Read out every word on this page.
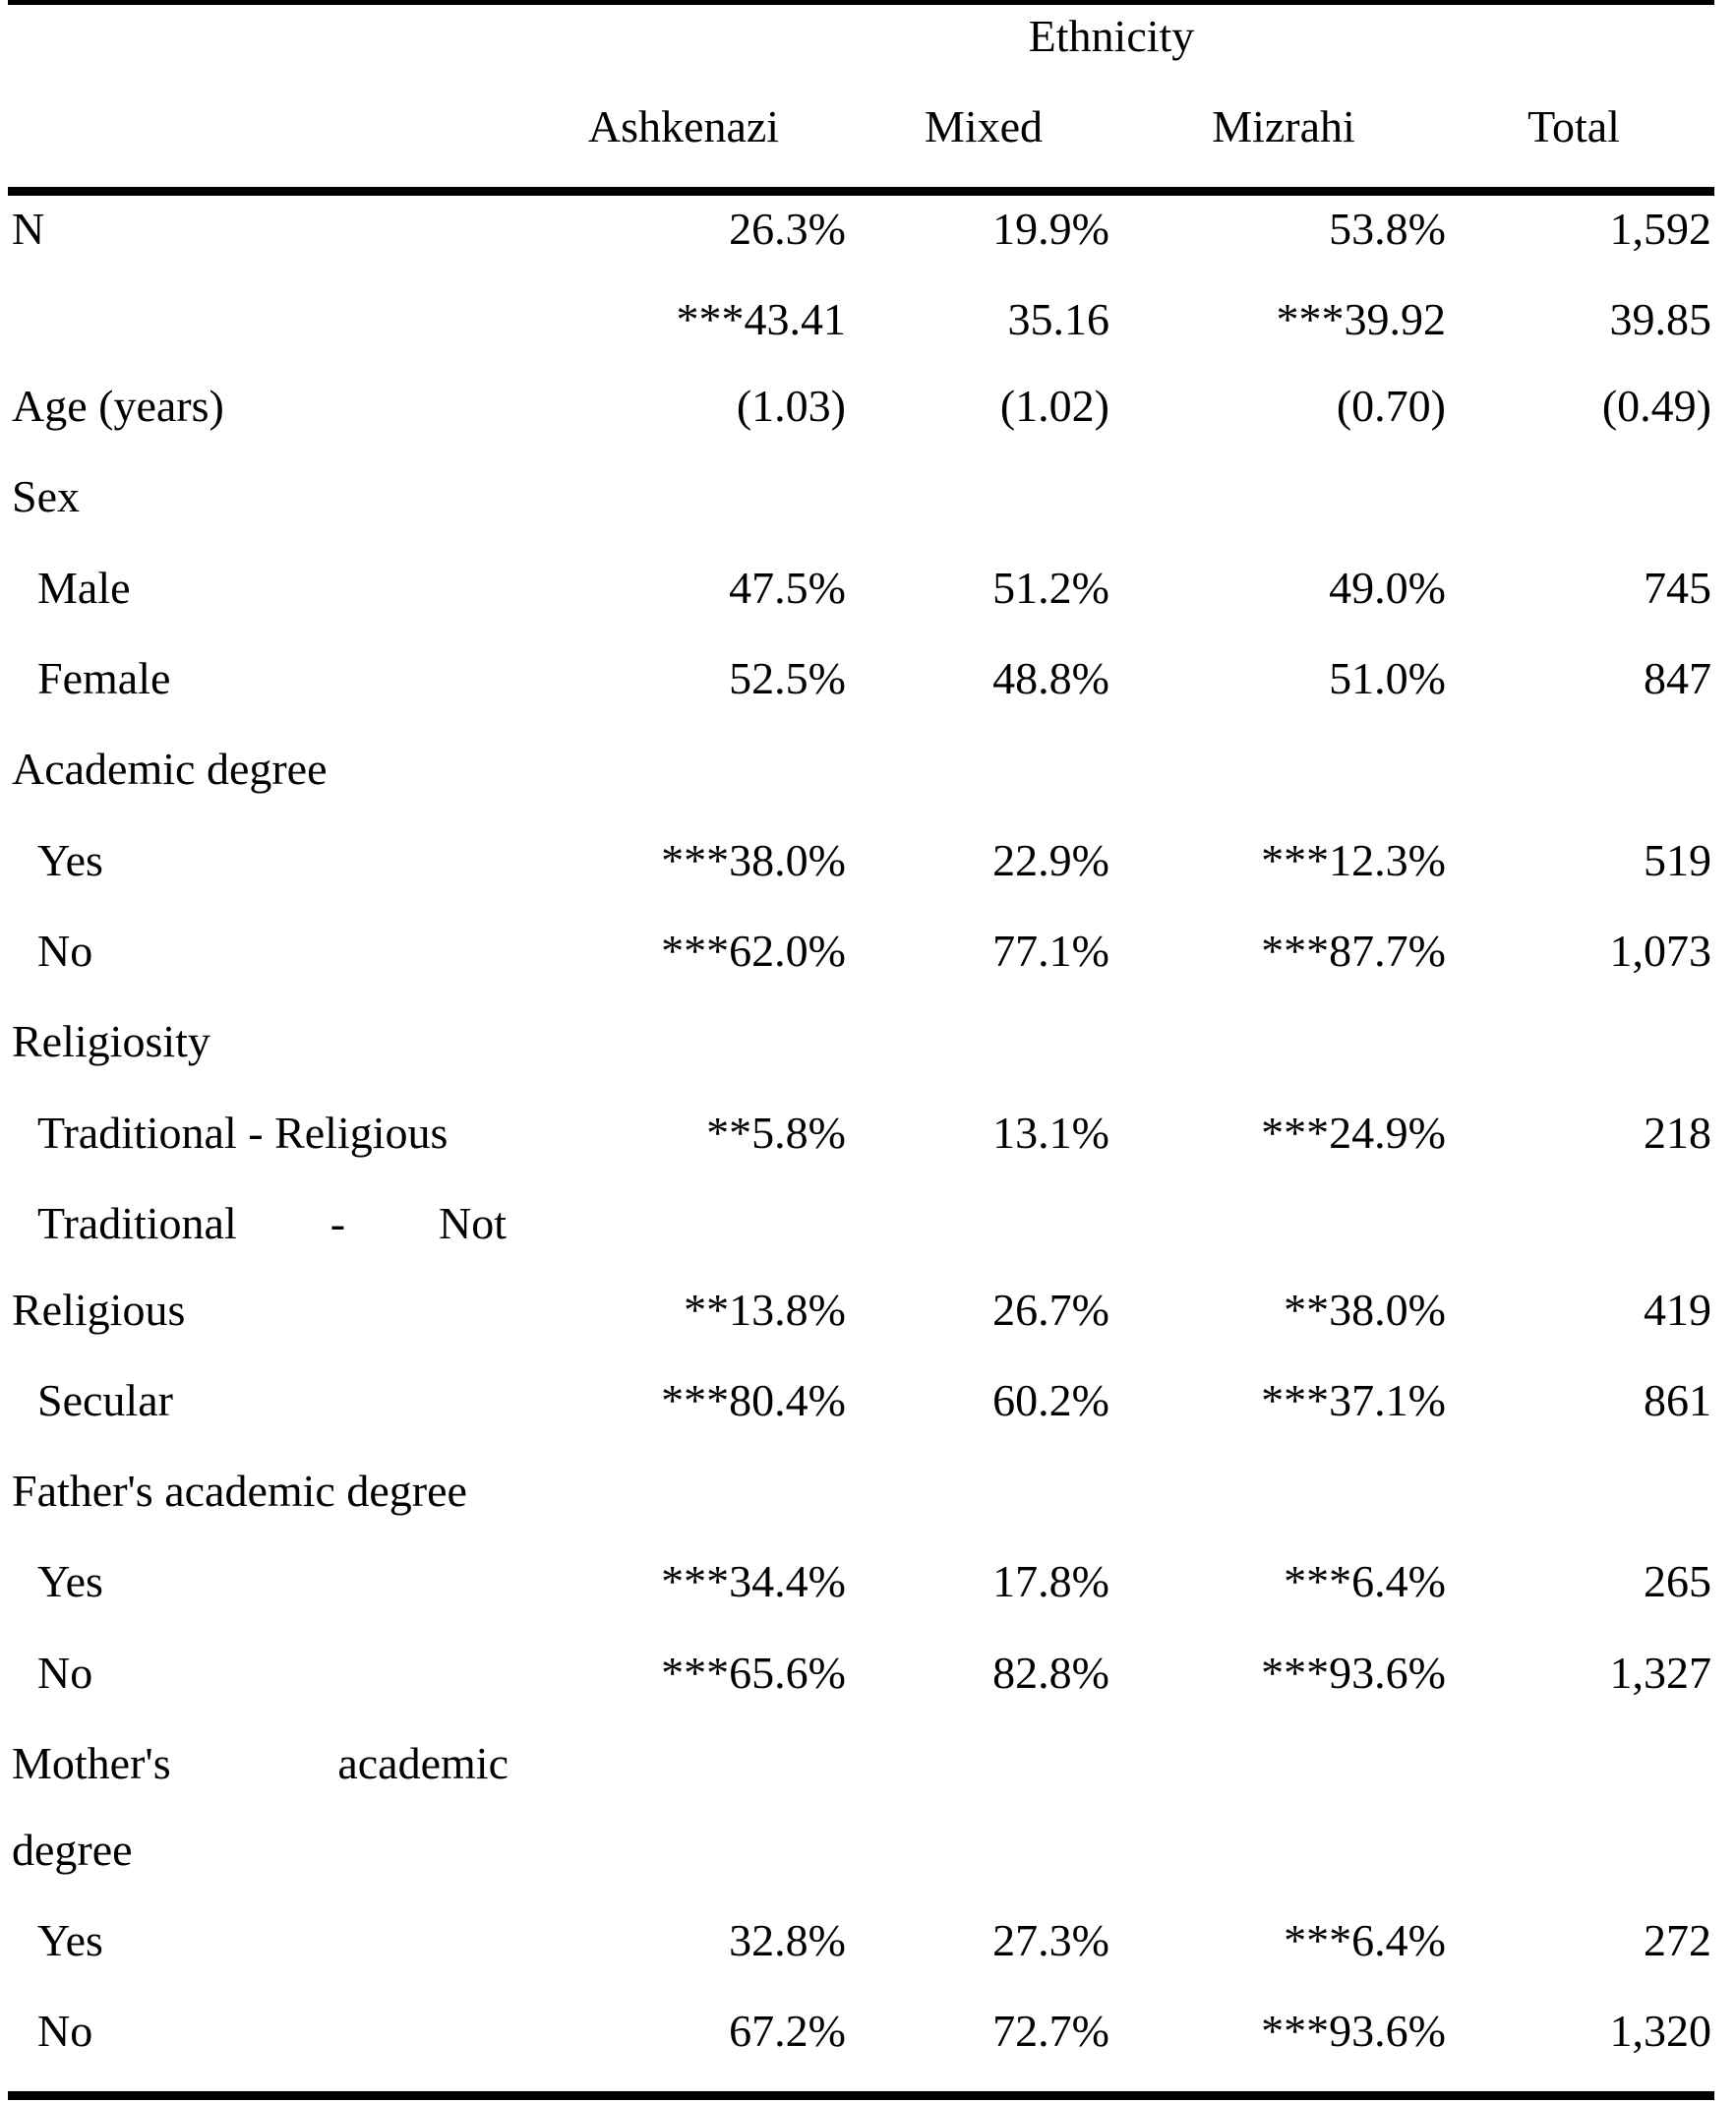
Ethnicity
Ashkenazi	Mixed	Mizrahi	Total
N	26.3%	19.9%	53.8%	1,592
***43.41	35.16	***39.92	39.85
Age (years)	(1.03)	(1.02)	(0.70)	(0.49)
Sex
Male	47.5%	51.2%	49.0%	745
Female	52.5%	48.8%	51.0%	847
Academic degree
Yes	***38.0%	22.9%	***12.3%	519
No	***62.0%	77.1%	***87.7%	1,073
Religiosity
Traditional - Religious	**5.8%	13.1%	***24.9%	218
Traditional - Not
Religious	**13.8%	26.7%	**38.0%	419
Secular	***80.4%	60.2%	***37.1%	861
Father's academic degree
Yes	***34.4%	17.8%	***6.4%	265
No	***65.6%	82.8%	***93.6%	1,327
Mother's	academic
degree
Yes	32.8%	27.3%	***6.4%	272
No	67.2%	72.7%	***93.6%	1,320
